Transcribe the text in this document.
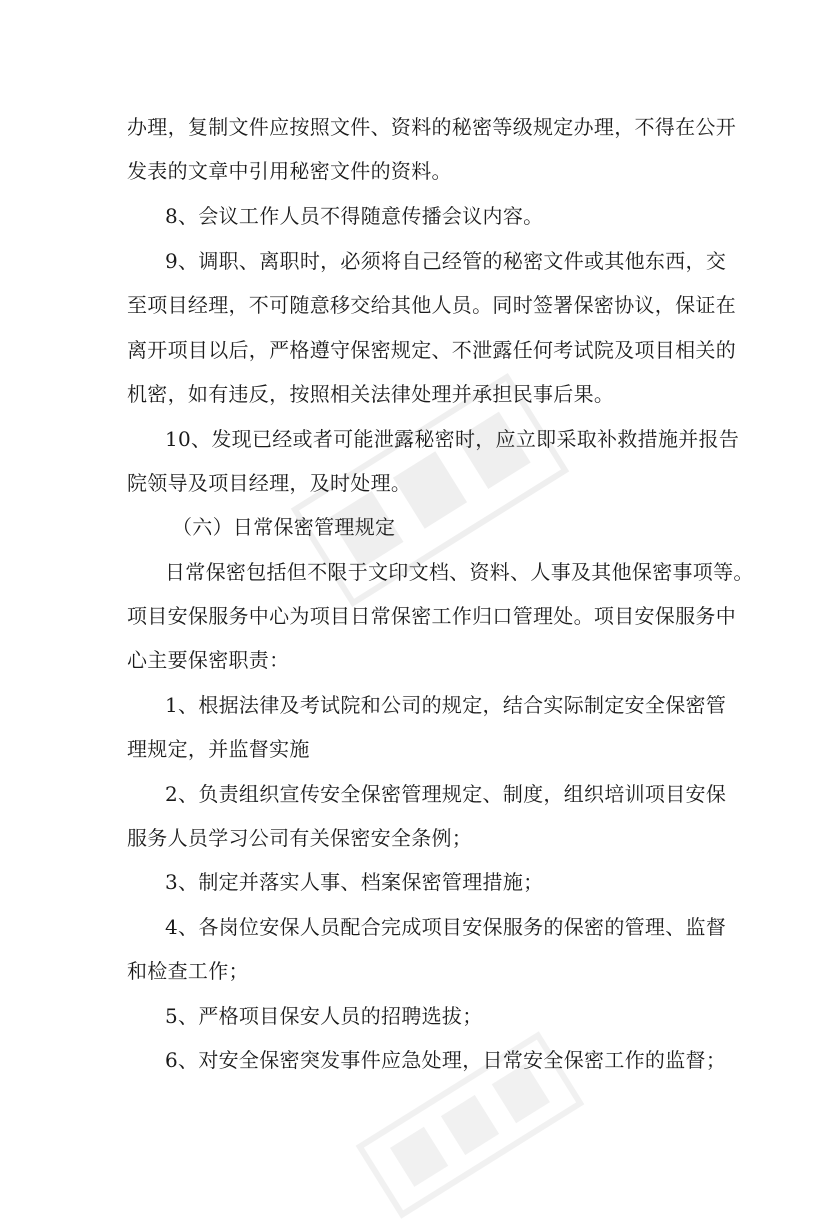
办理，复制文件应按照文件、资料的秘密等级规定办理，不得在公开
发表的文章中引用秘密文件的资料。
8、会议工作人员不得随意传播会议内容。
9、调职、离职时，必须将自己经管的秘密文件或其他东西，交
至项目经理，不可随意移交给其他人员。同时签署保密协议，保证在
离开项目以后，严格遵守保密规定、不泄露任何考试院及项目相关的
机密，如有违反，按照相关法律处理并承担民事后果。
10、发现已经或者可能泄露秘密时，应立即采取补救措施并报告
院领导及项目经理，及时处理。
（六）日常保密管理规定
日常保密包括但不限于文印文档、资料、人事及其他保密事项等。
项目安保服务中心为项目日常保密工作归口管理处。项目安保服务中
心主要保密职责：
1、根据法律及考试院和公司的规定，结合实际制定安全保密管
理规定，并监督实施
2、负责组织宣传安全保密管理规定、制度，组织培训项目安保
服务人员学习公司有关保密安全条例；
3、制定并落实人事、档案保密管理措施；
4、各岗位安保人员配合完成项目安保服务的保密的管理、监督
和检查工作；
5、严格项目保安人员的招聘选拔；
6、对安全保密突发事件应急处理，日常安全保密工作的监督；
